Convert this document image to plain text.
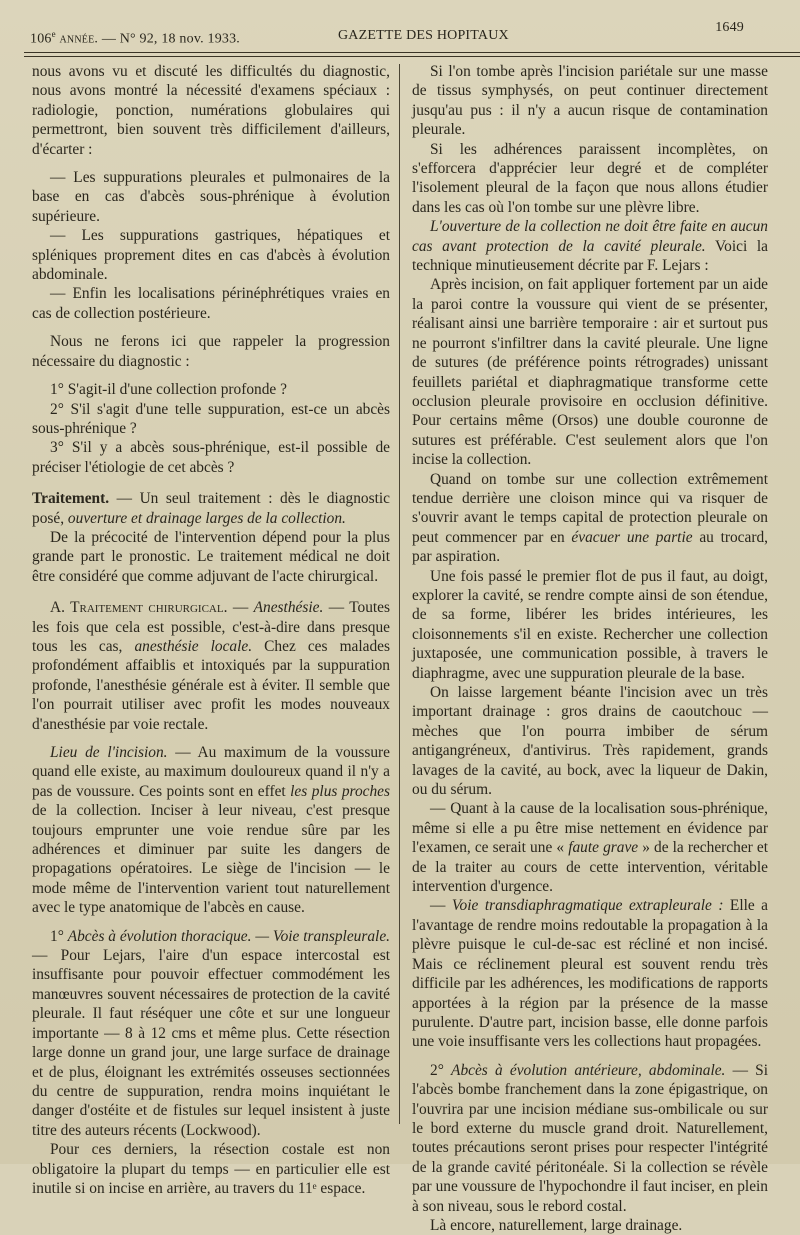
106e année. — N° 92, 18 nov. 1933.	GAZETTE DES HOPITAUX
1649

nous avons vu et discuté les difficultés du diagnostic, nous avons montré la nécessité d'examens spéciaux : radiologie, ponction, numérations globulaires qui permettront, bien souvent très difficilement d'ailleurs, d'écarter :

— Les suppurations pleurales et pulmonaires de la base en cas d'abcès sous-phrénique à évolution supérieure.

— Les suppurations gastriques, hépatiques et spléniques proprement dites en cas d'abcès à évolution abdominale.

— Enfin les localisations périnéphrétiques vraies en cas de collection postérieure.

Nous ne ferons ici que rappeler la progression nécessaire du diagnostic :

1° S'agit-il d'une collection profonde ?

2° S'il s'agit d'une telle suppuration, est-ce un abcès sous-phrénique ?

3° S'il y a abcès sous-phrénique, est-il possible de préciser l'étiologie de cet abcès ?

Traitement. — Un seul traitement : dès le diagnostic posé, ouverture et drainage larges de la collection.

De la précocité de l'intervention dépend pour la plus grande part le pronostic. Le traitement médical ne doit être considéré que comme adjuvant de l'acte chirurgical.

A. Traitement chirurgical. — Anesthésie. — Toutes les fois que cela est possible, c'est-à-dire dans presque tous les cas, anesthésie locale. Chez ces malades profondément affaiblis et intoxiqués par la suppuration profonde, l'anesthésie générale est à éviter. Il semble que l'on pourrait utiliser avec profit les modes nouveaux d'anesthésie par voie rectale.

Lieu de l'incision. — Au maximum de la voussure quand elle existe, au maximum douloureux quand il n'y a pas de voussure. Ces points sont en effet les plus proches de la collection. Inciser à leur niveau, c'est presque toujours emprunter une voie rendue sûre par les adhérences et diminuer par suite les dangers de propagations opératoires. Le siège de l'incision — le mode même de l'intervention varient tout naturellement avec le type anatomique de l'abcès en cause.

1° Abcès à évolution thoracique. — Voie transpleurale. — Pour Lejars, l'aire d'un espace intercostal est insuffisante pour pouvoir effectuer commodément les manœuvres souvent nécessaires de protection de la cavité pleurale. Il faut réséquer une côte et sur une longueur importante — 8 à 12 cms et même plus. Cette résection large donne un grand jour, une large surface de drainage et de plus, éloignant les extrémités osseuses sectionnées du centre de suppuration, rendra moins inquiétant le danger d'ostéite et de fistules sur lequel insistent à juste titre des auteurs récents (Lockwood).

Pour ces derniers, la résection costale est non obligatoire la plupart du temps — en particulier elle est inutile si on incise en arrière, au travers du 11ᵉ espace.

Si l'on tombe après l'incision pariétale sur une masse de tissus symphysés, on peut continuer directement jusqu'au pus : il n'y a aucun risque de contamination pleurale.

Si les adhérences paraissent incomplètes, on s'efforcera d'apprécier leur degré et de compléter l'isolement pleural de la façon que nous allons étudier dans les cas où l'on tombe sur une plèvre libre.

L'ouverture de la collection ne doit être faite en aucun cas avant protection de la cavité pleurale. Voici la technique minutieusement décrite par F. Lejars :

Après incision, on fait appliquer fortement par un aide la paroi contre la voussure qui vient de se présenter, réalisant ainsi une barrière temporaire : air et surtout pus ne pourront s'infiltrer dans la cavité pleurale. Une ligne de sutures (de préférence points rétrogrades) unissant feuillets pariétal et diaphragmatique transforme cette occlusion pleurale provisoire en occlusion définitive. Pour certains même (Orsos) une double couronne de sutures est préférable. C'est seulement alors que l'on incise la collection.

Quand on tombe sur une collection extrêmement tendue derrière une cloison mince qui va risquer de s'ouvrir avant le temps capital de protection pleurale on peut commencer par en évacuer une partie au trocard, par aspiration.

Une fois passé le premier flot de pus il faut, au doigt, explorer la cavité, se rendre compte ainsi de son étendue, de sa forme, libérer les brides intérieures, les cloisonnements s'il en existe. Rechercher une collection juxtaposée, une communication possible, à travers le diaphragme, avec une suppuration pleurale de la base.

On laisse largement béante l'incision avec un très important drainage : gros drains de caoutchouc — mèches que l'on pourra imbiber de sérum antigangréneux, d'antivirus. Très rapidement, grands lavages de la cavité, au bock, avec la liqueur de Dakin, ou du sérum.

— Quant à la cause de la localisation sous-phrénique, même si elle a pu être mise nettement en évidence par l'examen, ce serait une « faute grave » de la rechercher et de la traiter au cours de cette intervention, véritable intervention d'urgence.

— Voie transdiaphragmatique extrapleurale : Elle a l'avantage de rendre moins redoutable la propagation à la plèvre puisque le cul-de-sac est récliné et non incisé. Mais ce réclinement pleural est souvent rendu très difficile par les adhérences, les modifications de rapports apportées à la région par la présence de la masse purulente. D'autre part, incision basse, elle donne parfois une voie insuffisante vers les collections haut propagées.

2° Abcès à évolution antérieure, abdominale. — Si l'abcès bombe franchement dans la zone épigastrique, on l'ouvrira par une incision médiane sus-ombilicale ou sur le bord externe du muscle grand droit. Naturellement, toutes précautions seront prises pour respecter l'intégrité de la grande cavité péritonéale. Si la collection se révèle par une voussure de l'hypochondre il faut inciser, en plein à son niveau, sous le rebord costal.

Là encore, naturellement, large drainage.
